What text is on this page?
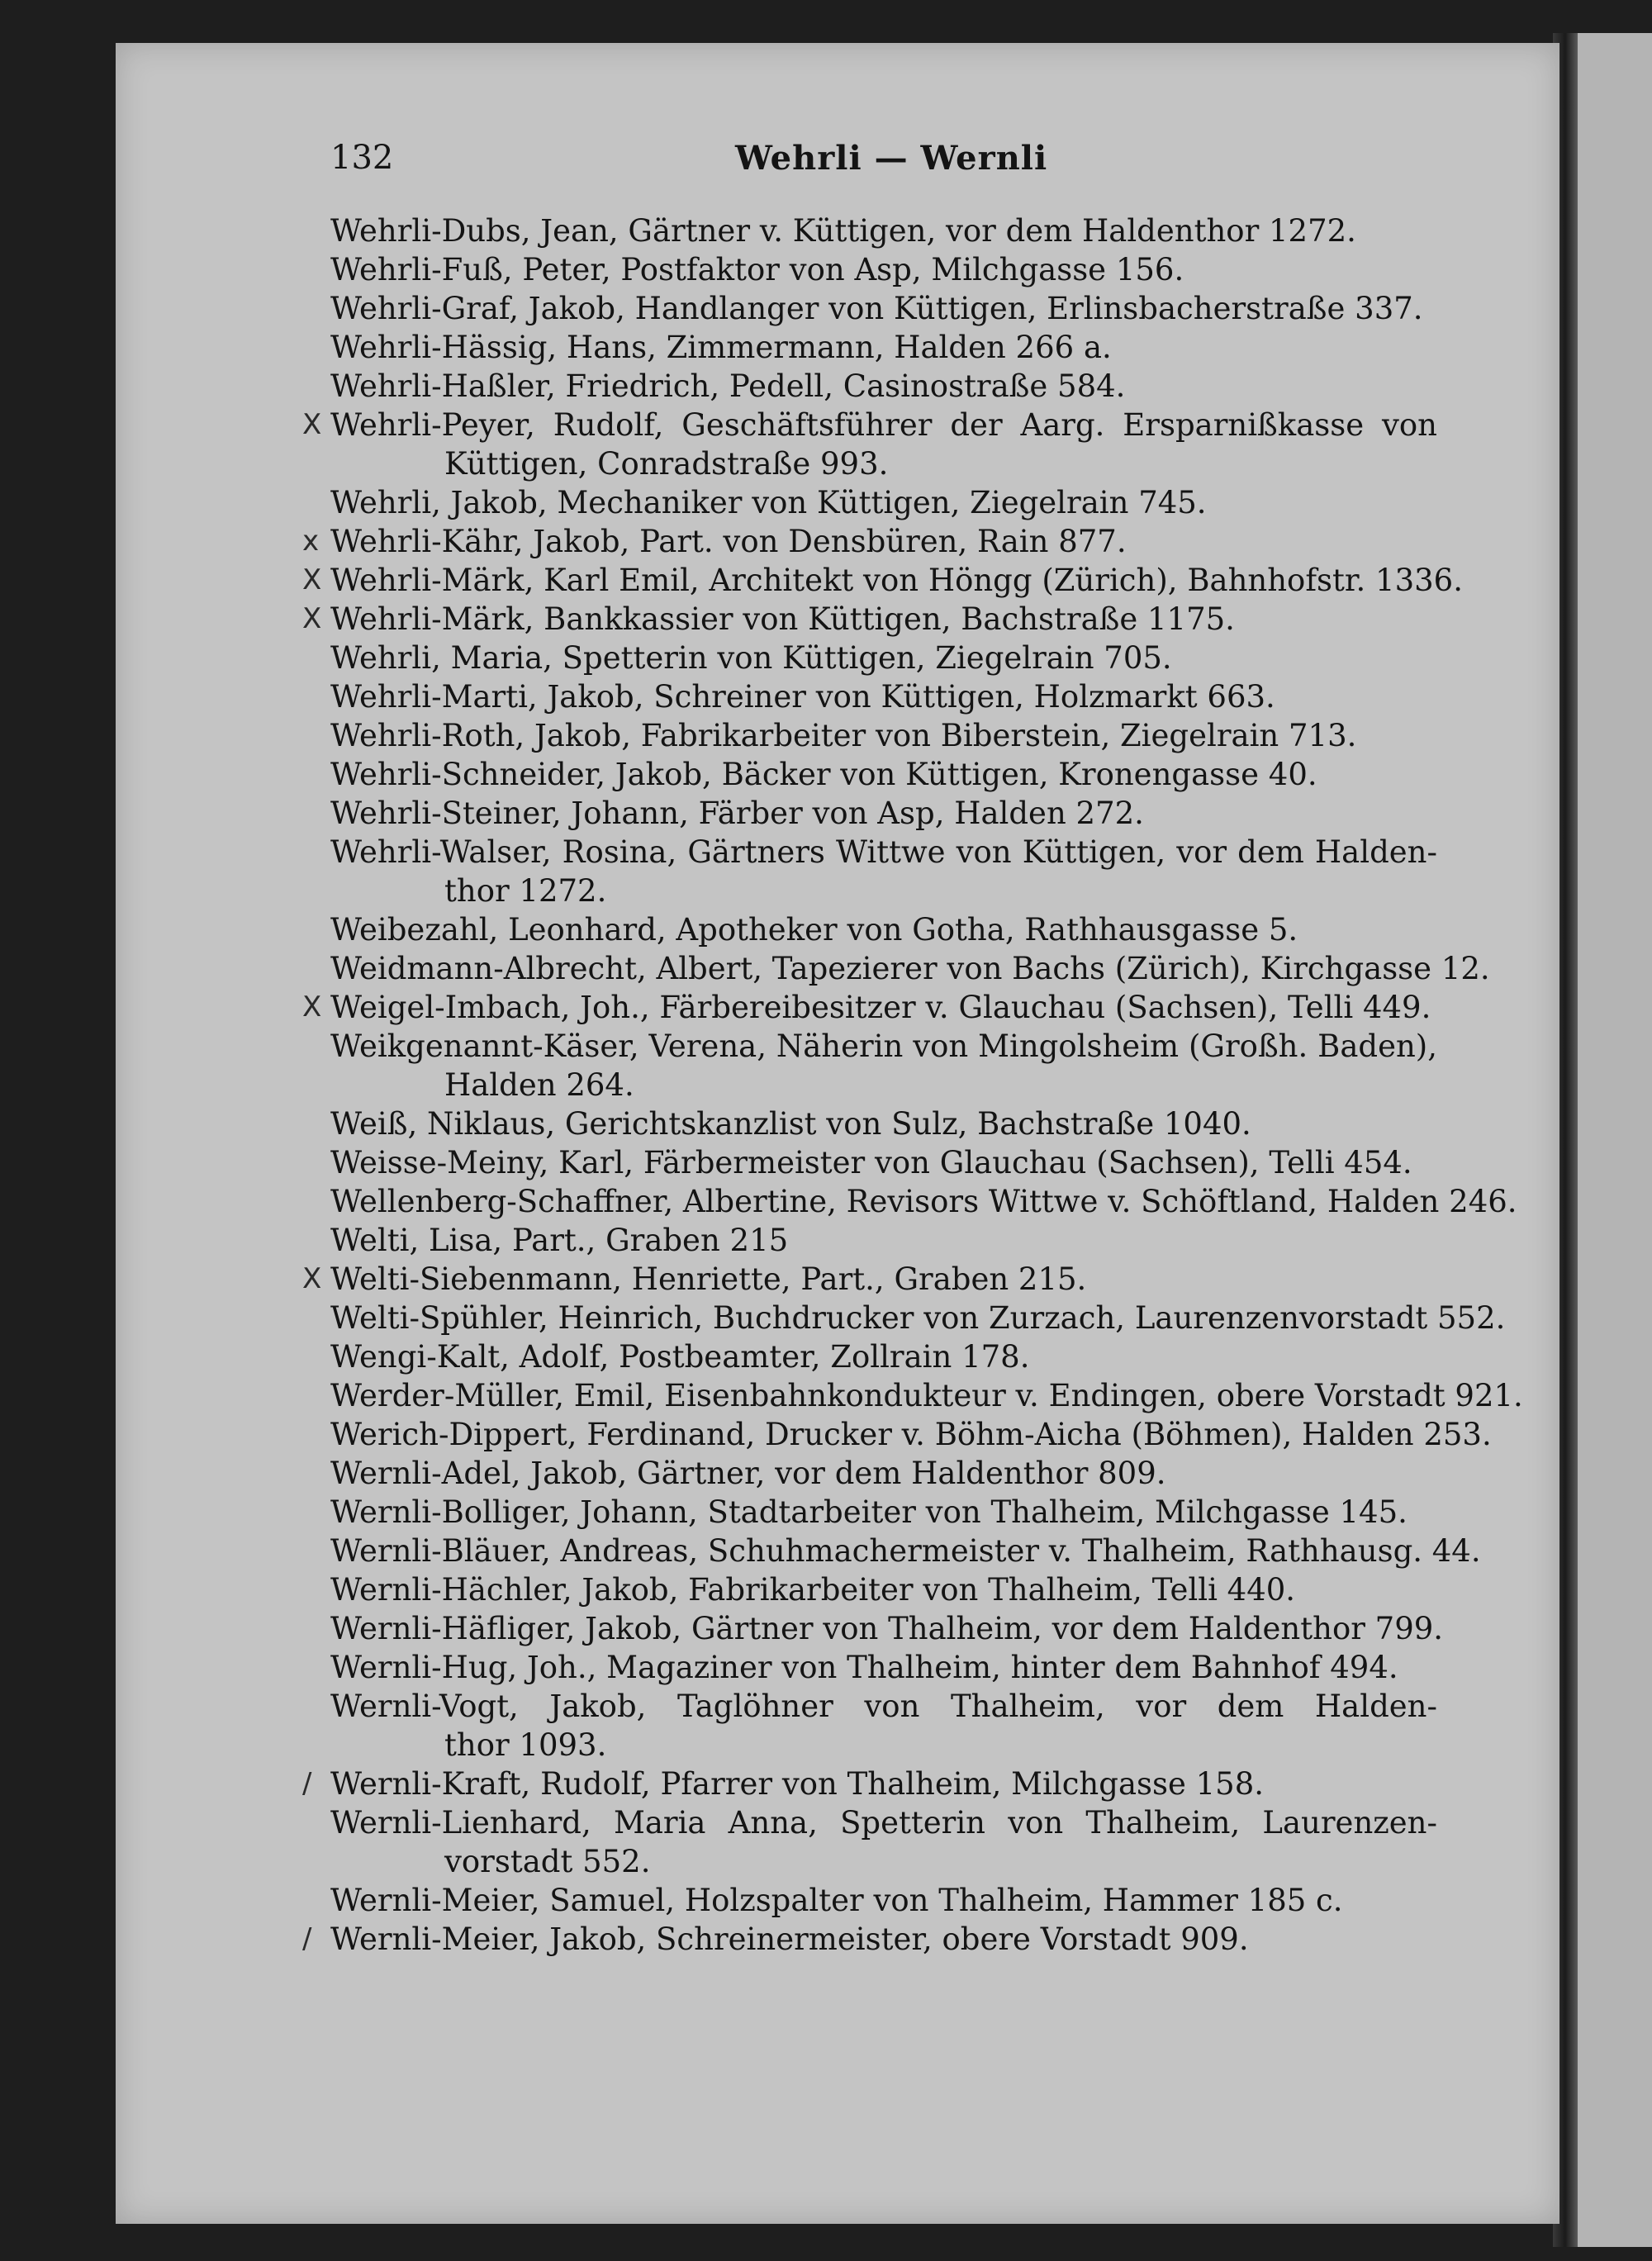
132	Wehrli — Wernli
Wehrli-Dubs, Jean, Gärtner v. Küttigen, vor dem Haldenthor 1272.
Wehrli-Fuß, Peter, Postfaktor von Asp, Milchgasse 156.
Wehrli-Graf, Jakob, Handlanger von Küttigen, Erlinsbacherstraße 337.
Wehrli-Hässig, Hans, Zimmermann, Halden 266 a.
Wehrli-Haßler, Friedrich, Pedell, Casinostraße 584.
X Wehrli-Peyer, Rudolf, Geschäftsführer der Aarg. Ersparnißkasse von
Küttigen, Conradstraße 993.
Wehrli, Jakob, Mechaniker von Küttigen, Ziegelrain 745.
x Wehrli-Kähr, Jakob, Part. von Densbüren, Rain 877.
X Wehrli-Märk, Karl Emil, Architekt von Höngg (Zürich), Bahnhofstr. 1336.
X Wehrli-Märk, Bankkassier von Küttigen, Bachstraße 1175.
Wehrli, Maria, Spetterin von Küttigen, Ziegelrain 705.
Wehrli-Marti, Jakob, Schreiner von Küttigen, Holzmarkt 663.
Wehrli-Roth, Jakob, Fabrikarbeiter von Biberstein, Ziegelrain 713.
Wehrli-Schneider, Jakob, Bäcker von Küttigen, Kronengasse 40.
Wehrli-Steiner, Johann, Färber von Asp, Halden 272.
Wehrli-Walser, Rosina, Gärtners Wittwe von Küttigen, vor dem Halden-
thor 1272.
Weibezahl, Leonhard, Apotheker von Gotha, Rathhausgasse 5.
Weidmann-Albrecht, Albert, Tapezierer von Bachs (Zürich), Kirchgasse 12.
X Weigel-Imbach, Joh., Färbereibesitzer v. Glauchau (Sachsen), Telli 449.
Weikgenannt-Käser, Verena, Näherin von Mingolsheim (Großh. Baden),
Halden 264.
Weiß, Niklaus, Gerichtskanzlist von Sulz, Bachstraße 1040.
Weisse-Meiny, Karl, Färbermeister von Glauchau (Sachsen), Telli 454.
Wellenberg-Schaffner, Albertine, Revisors Wittwe v. Schöftland, Halden 246.
Welti, Lisa, Part., Graben 215
X Welti-Siebenmann, Henriette, Part., Graben 215.
Welti-Spühler, Heinrich, Buchdrucker von Zurzach, Laurenzenvorstadt 552.
Wengi-Kalt, Adolf, Postbeamter, Zollrain 178.
Werder-Müller, Emil, Eisenbahnkondukteur v. Endingen, obere Vorstadt 921.
Werich-Dippert, Ferdinand, Drucker v. Böhm-Aicha (Böhmen), Halden 253.
Wernli-Adel, Jakob, Gärtner, vor dem Haldenthor 809.
Wernli-Bolliger, Johann, Stadtarbeiter von Thalheim, Milchgasse 145.
Wernli-Bläuer, Andreas, Schuhmachermeister v. Thalheim, Rathhausg. 44.
Wernli-Hächler, Jakob, Fabrikarbeiter von Thalheim, Telli 440.
Wernli-Häfliger, Jakob, Gärtner von Thalheim, vor dem Haldenthor 799.
Wernli-Hug, Joh., Magaziner von Thalheim, hinter dem Bahnhof 494.
Wernli-Vogt, Jakob, Taglöhner von Thalheim, vor dem Halden-
thor 1093.
/ Wernli-Kraft, Rudolf, Pfarrer von Thalheim, Milchgasse 158.
Wernli-Lienhard, Maria Anna, Spetterin von Thalheim, Laurenzen-
vorstadt 552.
Wernli-Meier, Samuel, Holzspalter von Thalheim, Hammer 185 c.
/ Wernli-Meier, Jakob, Schreinermeister, obere Vorstadt 909.
